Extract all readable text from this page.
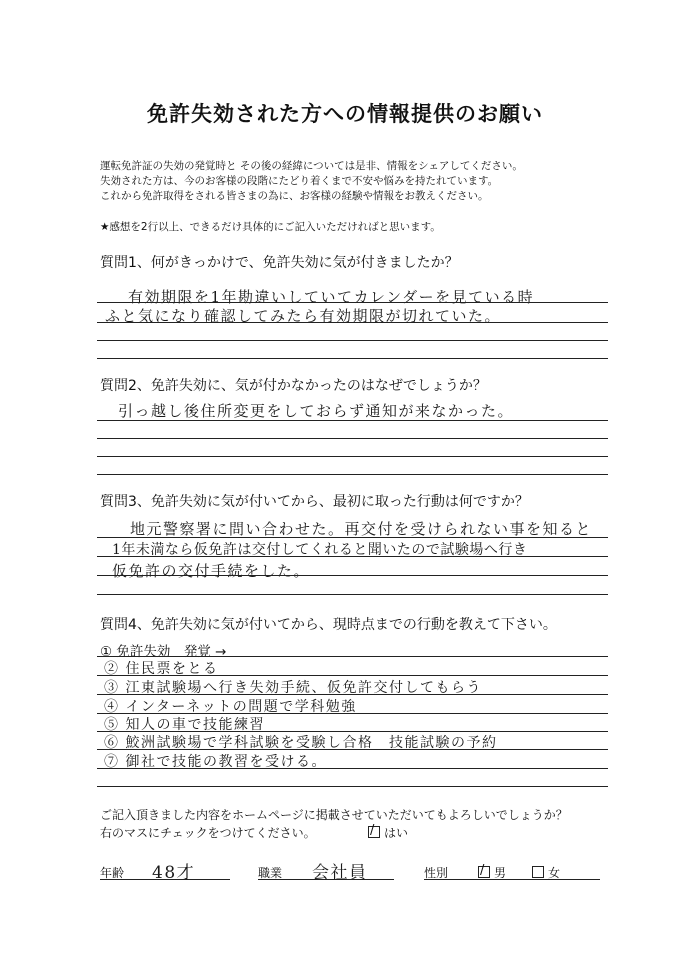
免許失効された方への情報提供のお願い
運転免許証の失効の発覚時と その後の経緯については是非、情報をシェアしてください。
失効された方は、今のお客様の段階にたどり着くまで不安や悩みを持たれています。
これから免許取得をされる皆さまの為に、お客様の経験や情報をお教えください。
★感想を2行以上、できるだけ具体的にご記入いただければと思います。
質問1、何がきっかけで、免許失効に気が付きましたか？
有効期限を1年勘違いしていてカレンダーを見ている時
ふと気になり確認してみたら有効期限が切れていた。
質問2、免許失効に、気が付かなかったのはなぜでしょうか？
引っ越し後住所変更をしておらず通知が来なかった。
質問3、免許失効に気が付いてから、最初に取った行動は何ですか？
地元警察署に問い合わせた。再交付を受けられない事を知ると
1年未満なら仮免許は交付してくれると聞いたので試験場へ行き
仮免許の交付手続をした。
質問4、免許失効に気が付いてから、現時点までの行動を教えて下さい。
① 免許失効　発覚 →
② 住民票をとる
③ 江東試験場へ行き失効手続、仮免許交付してもらう
④ インターネットの問題で学科勉強
⑤ 知人の車で技能練習
⑥ 鮫洲試験場で学科試験を受験し合格　技能試験の予約
⑦ 御社で技能の教習を受ける。
ご記入頂きました内容をホームページに掲載させていただいてもよろしいでしょうか？
右のマスにチェックをつけてください。 /	はい
年齢 48才	職業 会社員	性別 /	男	女
